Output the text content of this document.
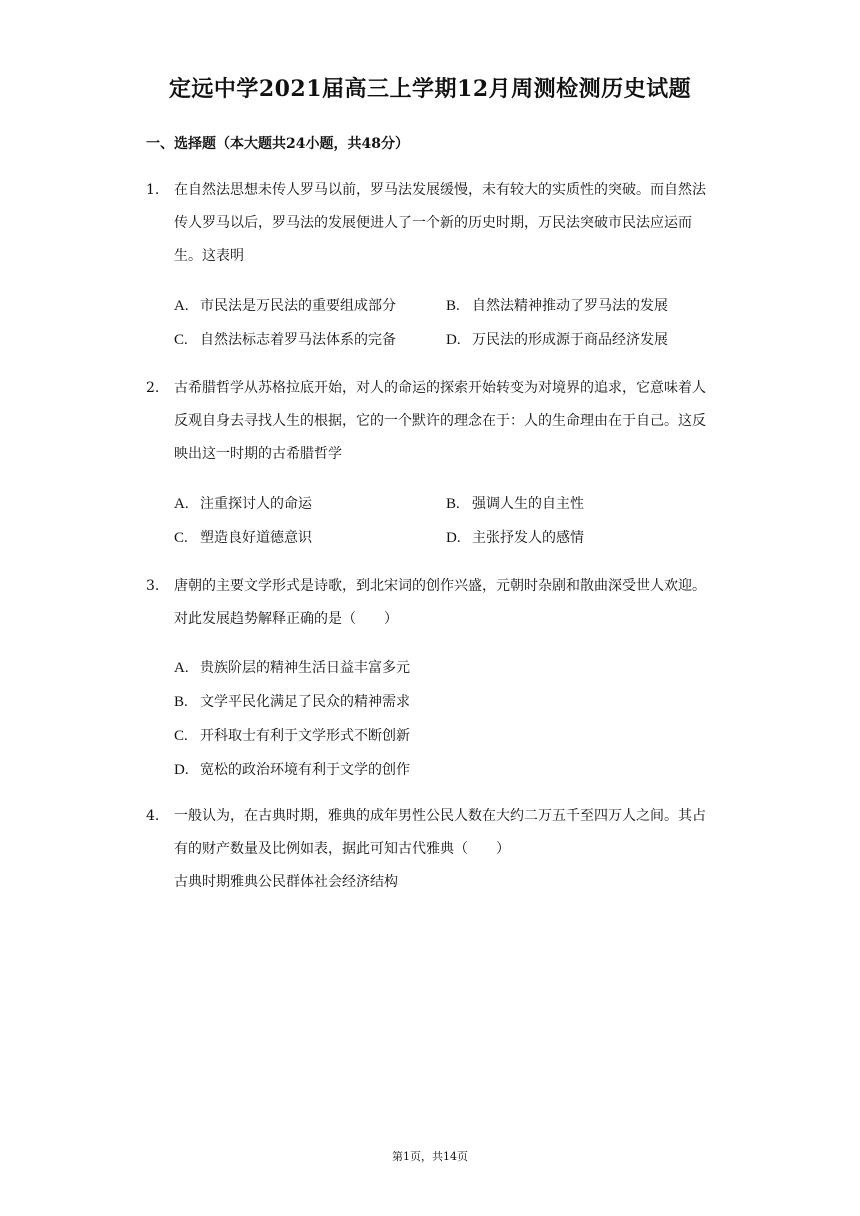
定远中学2021届高三上学期12月周测检测历史试题
一、选择题（本大题共24小题，共48分）
1. 在自然法思想未传人罗马以前，罗马法发展缓慢，未有较大的实质性的突破。而自然法传人罗马以后，罗马法的发展便进人了一个新的历史时期，万民法突破市民法应运而生。这表明
A. 市民法是万民法的重要组成部分	B. 自然法精神推动了罗马法的发展
C. 自然法标志着罗马法体系的完备	D. 万民法的形成源于商品经济发展
2. 古希腊哲学从苏格拉底开始，对人的命运的探索开始转变为对境界的追求，它意味着人反观自身去寻找人生的根据，它的一个默许的理念在于：人的生命理由在于自己。这反映出这一时期的古希腊哲学
A. 注重探讨人的命运	B. 强调人生的自主性
C. 塑造良好道德意识	D. 主张抒发人的感情
3. 唐朝的主要文学形式是诗歌，到北宋词的创作兴盛，元朝时杂剧和散曲深受世人欢迎。对此发展趋势解释正确的是（　　）
A. 贵族阶层的精神生活日益丰富多元
B. 文学平民化满足了民众的精神需求
C. 开科取士有利于文学形式不断创新
D. 宽松的政治环境有利于文学的创作
4. 一般认为，在古典时期，雅典的成年男性公民人数在大约二万五千至四万人之间。其占有的财产数量及比例如表，据此可知古代雅典（　　）
古典时期雅典公民群体社会经济结构
第1页，共14页
